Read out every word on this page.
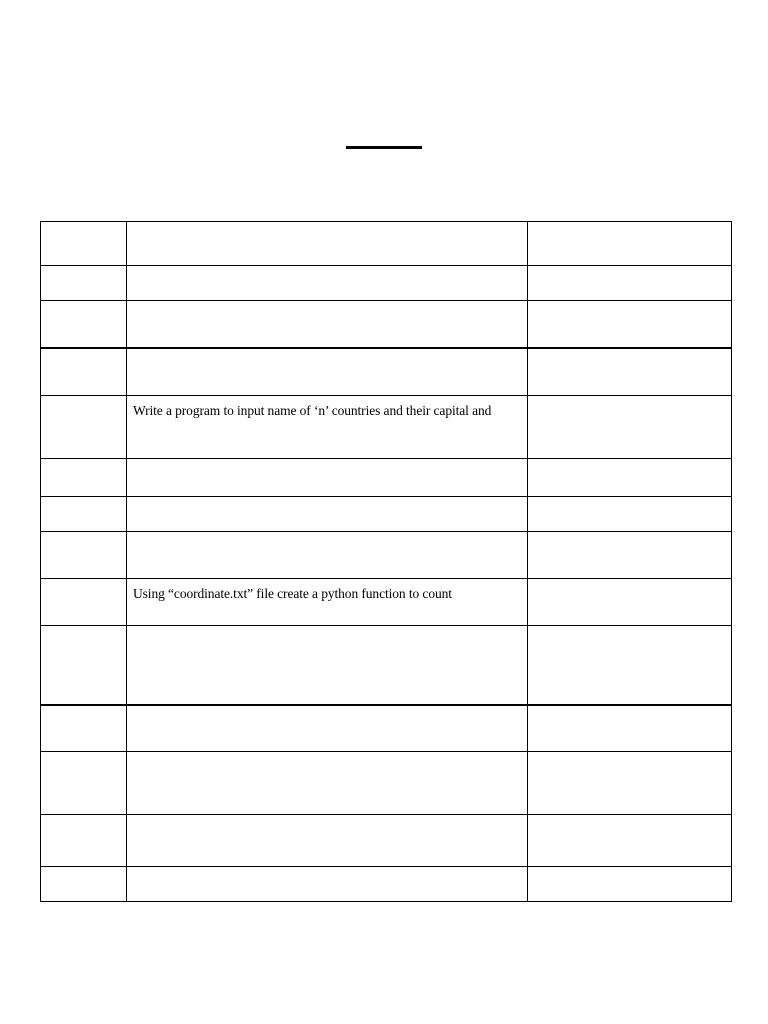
Write a program to input name of ‘n’ countries and their capital and
Using “coordinate.txt” file create a python function to count
